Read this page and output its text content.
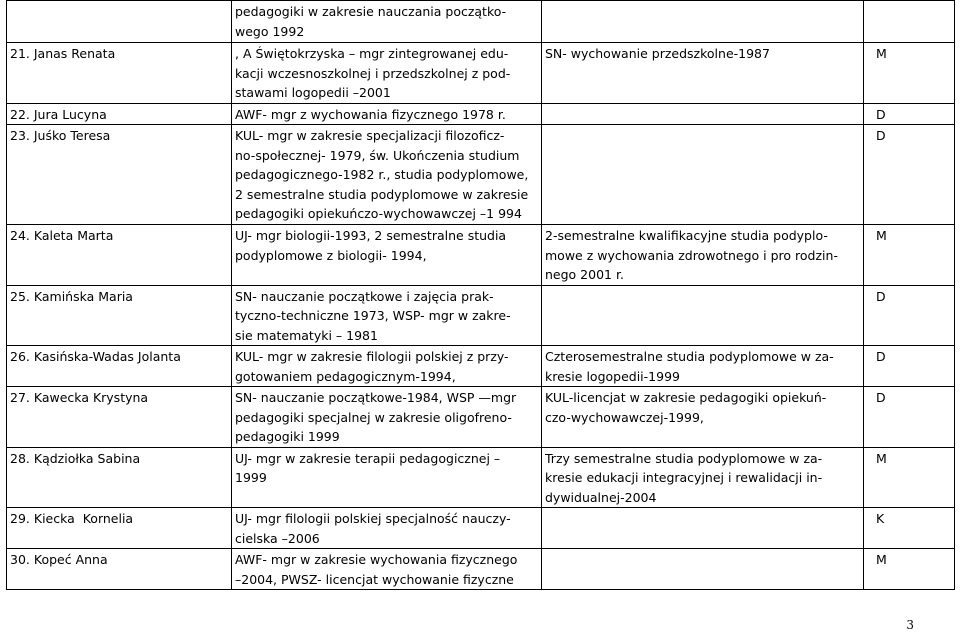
	pedagogiki w zakresie nauczania początko-
wego 1992		

21. Janas Renata	, A Świętokrzyska – mgr zintegrowanej edu-
kacji wczesnoszkolnej i przedszkolnej z pod-
stawami logopedii –2001	SN- wychowanie przedszkolne-1987	M

22. Jura Lucyna	AWF- mgr z wychowania fizycznego 1978 r.		D

23. Juśko Teresa	KUL- mgr w zakresie specjalizacji filozoficz-
no-społecznej- 1979, św. Ukończenia studium
pedagogicznego-1982 r., studia podyplomowe,
2 semestralne studia podyplomowe w zakresie
pedagogiki opiekuńczo-wychowawczej –1 994		D

24. Kaleta Marta	UJ- mgr biologii-1993, 2 semestralne studia
podyplomowe z biologii- 1994,	2-semestralne kwalifikacyjne studia podyplo-
mowe z wychowania zdrowotnego i pro rodzin-
nego 2001 r.	M

25. Kamińska Maria	SN- nauczanie początkowe i zajęcia prak-
tyczno-techniczne 1973, WSP- mgr w zakre-
sie matematyki – 1981		D

26. Kasińska-Wadas Jolanta	KUL- mgr w zakresie filologii polskiej z przy-
gotowaniem pedagogicznym-1994,	Czterosemestralne studia podyplomowe w za-
kresie logopedii-1999	D

27. Kawecka Krystyna	SN- nauczanie początkowe-1984, WSP —mgr
pedagogiki specjalnej w zakresie oligofreno-
pedagogiki 1999	KUL-licencjat w zakresie pedagogiki opiekuń-
czo-wychowawczej-1999,	D

28. Kądziołka Sabina	UJ- mgr w zakresie terapii pedagogicznej –
1999	Trzy semestralne studia podyplomowe w za-
kresie edukacji integracyjnej i rewalidacji in-
dywidualnej-2004	M

29. Kiecka  Kornelia	UJ- mgr filologii polskiej specjalność nauczy-
cielska –2006		K

30. Kopeć Anna	AWF- mgr w zakresie wychowania fizycznego
–2004, PWSZ- licencjat wychowanie fizyczne		M
3
